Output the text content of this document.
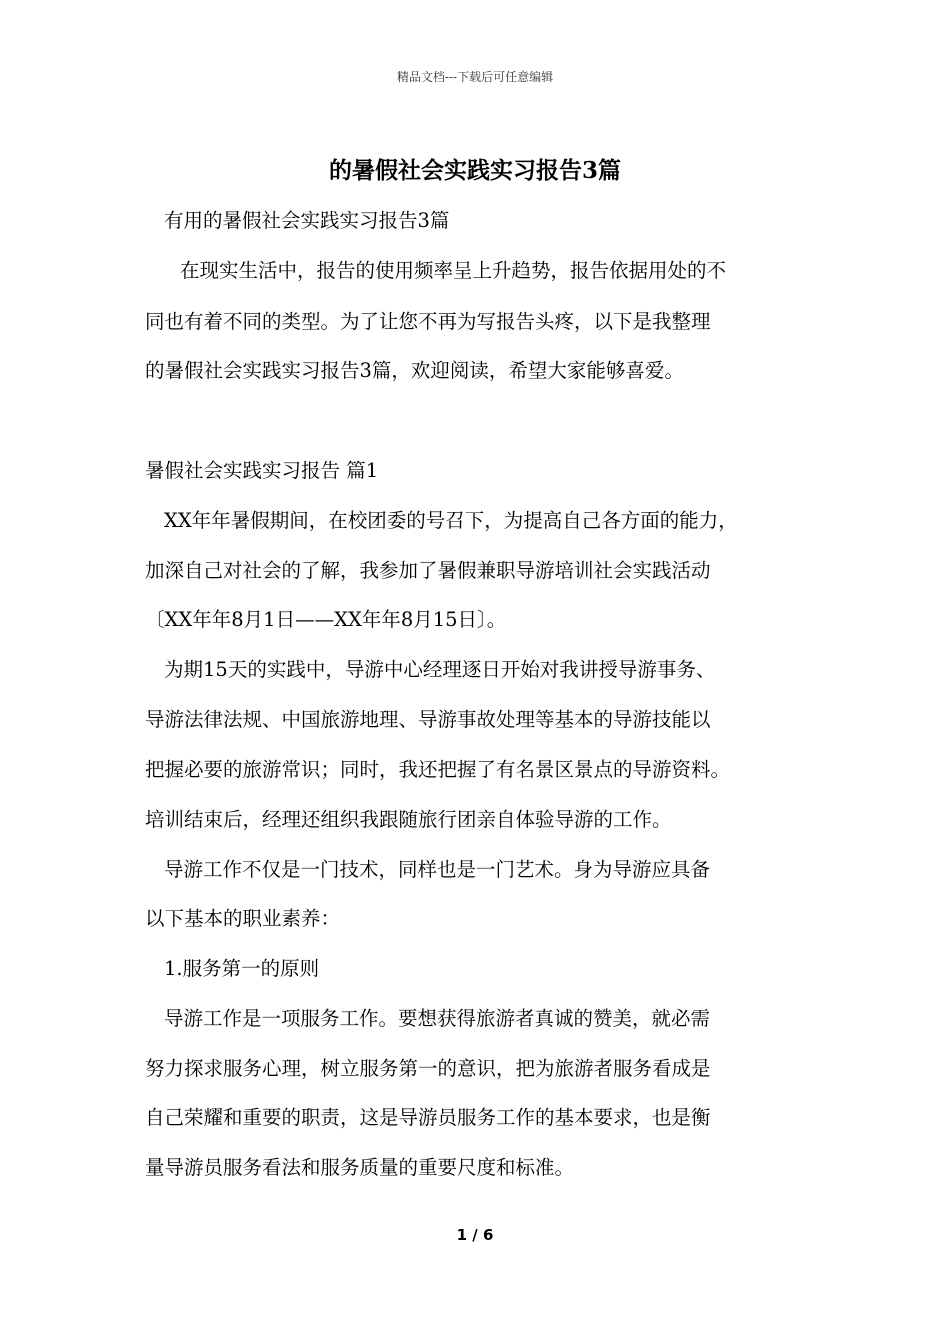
精品文档---下载后可任意编辑
的暑假社会实践实习报告3篇
有用的暑假社会实践实习报告3篇
在现实生活中，报告的使用频率呈上升趋势，报告依据用处的不
同也有着不同的类型。为了让您不再为写报告头疼，以下是我整理
的暑假社会实践实习报告3篇，欢迎阅读，希望大家能够喜爱。
暑假社会实践实习报告 篇1
XX年年暑假期间，在校团委的号召下，为提高自己各方面的能力，
加深自己对社会的了解，我参加了暑假兼职导游培训社会实践活动
〔XX年年8月1日——XX年年8月15日〕。
为期15天的实践中，导游中心经理逐日开始对我讲授导游事务、
导游法律法规、中国旅游地理、导游事故处理等基本的导游技能以
把握必要的旅游常识；同时，我还把握了有名景区景点的导游资料。
培训结束后，经理还组织我跟随旅行团亲自体验导游的工作。
导游工作不仅是一门技术，同样也是一门艺术。身为导游应具备
以下基本的职业素养：
1.服务第一的原则
导游工作是一项服务工作。要想获得旅游者真诚的赞美，就必需
努力探求服务心理，树立服务第一的意识，把为旅游者服务看成是
自己荣耀和重要的职责，这是导游员服务工作的基本要求，也是衡
量导游员服务看法和服务质量的重要尺度和标准。
1 / 6
